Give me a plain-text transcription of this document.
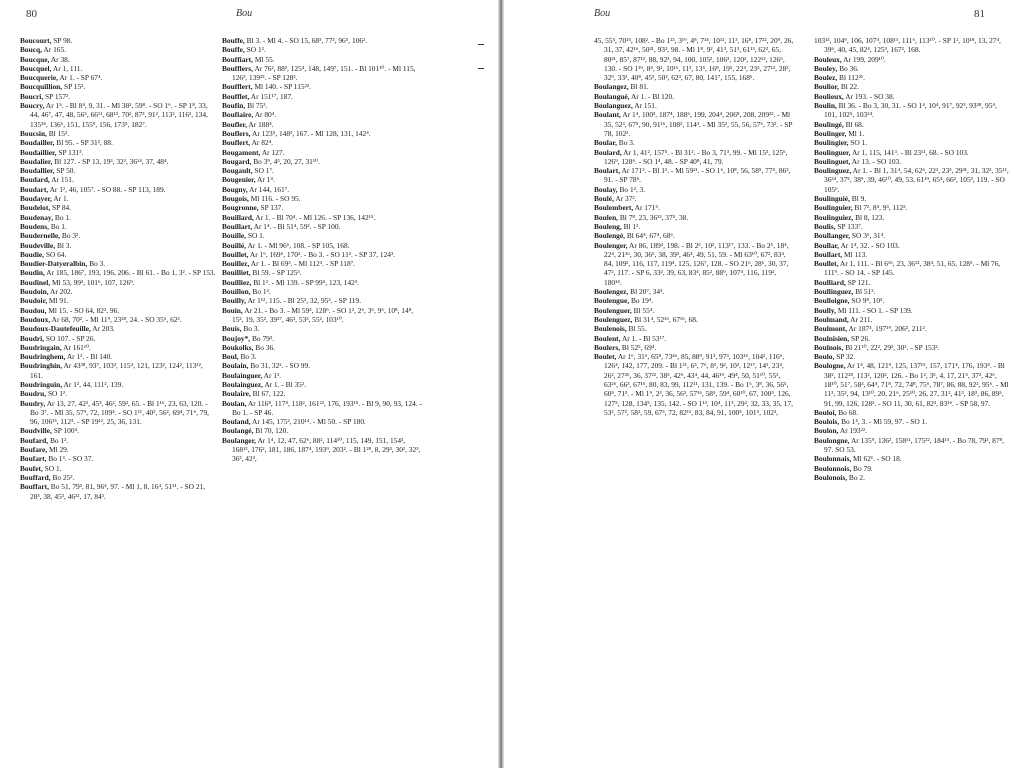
80	Bou

Boucourt, SP 98.

Boucq, Ar 165.

Boucque, Ar 38.

Boucquel, Ar 1, 111.

Boucquerie, Ar 1. - SP 67⁴.

Boucquillion, SP 15².

Boucri, SP 157².

Boucry, Ar 1⁵. - Bl 8⁴, 9, 31. - Ml 38², 59⁸. - SO 1⁶. - SP 1⁸, 33, 44, 46⁷, 47, 48, 56⁵, 66¹¹, 68¹³, 70², 87³, 91², 113², 116³, 134, 135³⁴, 136⁶, 151, 155⁹, 156, 173⁵, 182⁷.

Boucsin, Bl 15².

Boudailler, Bl 95. - SP 31², 88.

Boudaillier, SP 131³.

Boudalier, Bl 127. - SP 13, 19³, 32², 36¹⁴, 37, 48⁴.

Boudallier, SP 50.

Boudard, Ar 151.

Boudart, Ar 1², 46, 105⁷. - SO 88. - SP 113, 189.

Boudayer, Ar 1.

Boudelot, SP 84.

Boudenay, Bo 1.

Boudens, Bo 1.

Boudernelle, Bo 3².

Boudeville, Bl 3.

Boudie, SO 64.

Boudier-Datyeralbin, Bo 3.

Boudin, Ar 185, 186⁷, 193, 196, 206. - Bl 61. - Bo 1, 3². - SP 153.

Boudinel, Ml 53, 99², 101⁶, 107, 126⁹.

Boudoin, Ar 202.

Boudoir, Ml 91.

Boudou, Ml 15. - SO 64, 82², 96.

Boudoux, Ar 68, 70². - Ml 11⁹, 23²⁸, 24. - SO 35⁶, 62².

Boudoux-Dautefeuille, Ar 203.

Boudri, SO 107. - SP 26.

Boudringain, Ar 161¹⁰.

Boudringhem, Ar 1². - Bl 140.

Boudringhin, Ar 43³⁸, 93⁷, 103³, 115⁴, 121, 123², 124², 113¹², 161.

Boudringuin, Ar 1², 44, 111², 139.

Boudru, SO 1².

Boudry, Ar 13, 27, 42², 45³, 46², 59², 65. - Bl 1¹⁶, 23, 63, 120. - Bo 3⁷. - Ml 35, 57⁹, 72, 109⁴. - SO 1¹¹, 40², 56², 69⁴, 71⁶, 79, 96, 106¹³, 112³. - SP 19¹², 25, 36, 131.

Boudville, SP 100⁴.

Boufard, Bo 1².

Boufare, Ml 29.

Boufart, Bo 1³. - SO 37.

Boufet, SO 1.

Bouffard, Bo 25².

Bouffart, Bo 51, 79³, 81, 96⁴, 97. - Ml 1, 8, 16⁴, 51¹¹. - SO 21, 28³, 38, 45³, 46²², 17, 84³.

Bouffe, Bl 3. - Ml 4. - SO 15, 68³, 77³, 96⁵, 106².

Bouffe, SO 1².

Bouffiart, Ml 55.

Boufflers, Ar 76², 88², 125⁴, 148, 149⁷, 151. - Bl 101¹⁰. - Ml 115, 126³, 139²³. - SP 128².

Boufflert, Ml 140. - SP 115²².

Boufflet, Ar 151¹⁷, 187.

Boufin, Bl 75³.

Boufiaire, Ar 80⁴.

Boufler, Ar 188⁴.

Bouflers, Ar 123⁵, 148³, 167. - Ml 128, 131, 142⁴.

Bouflert, Ar 82⁴.

Bougamont, Ar 127.

Bougard, Bo 3⁹, 4³, 20, 27, 31¹⁰.

Bougault, SO 1⁷.

Bougenier, Ar 1⁴.

Bougny, Ar 144, 161⁷.

Bougois, Ml 116. - SO 95.

Bougronne, SP 137.

Bouillard, Ar 1. - Bl 70⁴. - Ml 126. - SP 136, 142¹⁵.

Bouillart, Ar 1⁴. - Bl 51⁴, 59². - SP 100.

Bouille, SO 1.

Bouillé, Ar 1. - Ml 96⁶, 108. - SP 105, 168.

Bouillet, Ar 1⁶, 169⁶, 170². - Bo 3. - SO 11². - SP 37, 124³.

Bouillez, Ar 1. - Bl 69³. - Ml 112³. - SP 118⁷.

Bouilliet, Bl 59. - SP 125³.

Bouilliez, Bl 1². - Ml 139. - SP 99⁵, 123, 142³.

Bouillon, Bo 1².

Bouilly, Ar 1¹², 115. - Bl 25³, 32, 95³. - SP 119.

Bouin, Ar 21. - Bo 3. - Ml 59³, 128⁶. - SO 1², 2⁶, 3⁶, 9⁶, 10⁸, 14⁸, 15², 19, 35², 39²⁷, 46³, 53³, 55², 103¹⁰.

Bouis, Bo 3.

Boujoy*, Bo 79³.

Boukolks, Bo 36.

Boul, Bo 3.

Boulain, Bo 31, 32². - SO 99.

Boulainguer, Ar 1³.

Boulainguez, Ar 1. - Bl 35².

Boulaire, Bl 67, 122.

Boulan, Ar 116⁸, 117⁴, 118², 161²², 176, 193¹⁵. - Bl 9, 90, 93, 124. - Bo 1. - SP 46.

Bouland, Ar 145, 175², 210¹⁴. - Ml 50. - SP 180.

Boulangé, Bl 70, 120.

Boulanger, Ar 1⁴, 12, 47, 62⁶, 88², 114¹⁰, 115, 149, 151, 154³, 168¹³, 176², 181, 186, 187⁴, 193⁹, 203². - Bl 1²⁸, 8, 29³, 30², 32³, 36³, 42³,

Bou	81

45, 55⁵, 70¹⁵, 108². - Bo 1²³, 3¹⁹, 4⁸, 7¹⁴, 10¹², 11³, 16⁸, 17²², 20⁹, 26, 31, 37, 42¹⁶, 50²¹, 93³, 98. - Ml 1⁸, 9², 41³, 51³, 61¹³, 62², 65, 80²¹, 85⁷, 87¹², 88, 92³, 94, 100, 105², 106³, 120², 122¹², 126⁶, 130. - SO 1¹⁹, 8⁴, 9², 10¹⁶, 11³, 13⁵, 16⁸, 19⁵, 22⁴, 23⁵, 27¹², 28³, 32⁹, 33², 40⁸, 45³, 50², 62³, 67, 80, 141⁷, 155, 168⁶.

Boulangez, Bl 81.

Boulangué, Ar 1. - Bl 120.

Boulanguez, Ar 151.

Boulant, Ar 1⁴, 100³, 187⁴, 188⁶, 199, 204⁴, 206⁸, 208, 209²². - Ml 35, 52³, 67⁵, 90, 91¹⁶, 108², 114³. - Ml 35², 55, 56, 57⁶, 73². - SP 78, 102².

Boular, Bo 3.

Boulard, Ar 1, 41², 157⁵. - Bl 31². - Bo 3, 71³, 99. - Ml 15³, 125⁶, 126⁹, 128⁶. - SO 1⁴, 48. - SP 40⁸, 41, 79.

Boulart, Ar 171². - Bl 1². - Ml 59²¹. - SO 1⁶, 10⁸, 56, 58⁵, 77⁵, 86³, 91. - SP 78⁶.

Boulay, Bo 1², 3.

Boulé, Ar 37².

Boulembert, Ar 171⁵.

Boulen, Bl 7⁸, 23, 36¹³, 37⁵, 38.

Bouleng, Bl 1².

Boulengé, Bl 64⁴, 67⁴, 68⁶.

Boulenger, Ar 86, 189³, 198. - Bl 2⁶, 10², 113¹⁷, 133. - Bo 2⁶, 18⁴, 22⁴, 21²⁶, 30, 36⁶, 38, 39³, 46⁴, 49, 51, 59. - Ml 63¹⁰, 67², 83⁴, 84, 109², 116, 117, 119⁴, 125, 126⁷, 128. - SO 21⁶, 28⁶, 30, 37, 47², 117. - SP 6, 33², 39, 63, 83⁴, 85², 88⁹, 107⁴, 116, 119², 180¹⁴.

Boulengez, Bl 20⁷, 34³.

Boulengue, Bo 19⁴.

Boulenguer, Bl 55⁴.

Boulenguez, Bl 31⁴, 52¹⁶, 67¹⁶, 68.

Boulenois, Bl 55.

Boulent, Ar 1. - Bl 53¹⁷.

Boulers, Bl 52⁵, 69⁴.

Boulet, Ar 1⁶, 31⁶, 65⁸, 73⁴⁶, 85, 88⁹, 91², 97³, 103¹⁶, 104², 116⁶, 126⁴, 142, 177, 209. - Bl 1²¹, 6³, 7⁶, 8³, 9², 10², 12¹⁷, 14², 23⁴, 26², 27²⁶, 36, 37²², 38⁵, 42⁶, 43⁴, 44, 46¹⁹, 49⁴, 50, 51¹⁰, 55³, 63²⁶, 66³, 67¹⁶, 80, 83, 99, 112¹¹, 131, 139. - Bo 1⁶, 3⁸, 36, 56⁵, 60⁵, 71³. - Ml 1⁹, 2³, 36, 56³, 57¹⁶, 58⁵, 59⁴, 60¹⁰, 67, 100⁵, 126, 127⁵, 128, 134⁵, 135, 142. - SO 1¹³, 10⁴, 11³, 29², 32, 33, 35, 17, 53², 57², 58², 59, 67³, 72, 82¹¹, 83, 84, 91, 100⁵, 101⁵, 102³,

103¹³, 104⁹, 106, 107⁴, 108¹¹, 111⁶, 113¹⁰. - SP 1², 10¹⁸, 13, 27⁴, 39⁶, 40, 45, 82⁴, 125³, 167², 168.

Bouleux, Ar 199, 209¹⁰.

Bouley, Bo 36.

Boulez, Bl 112²¹.

Boulior, Bl 22.

Boulieux, Ar 193. - SO 38.

Boulin, Bl 36. - Bo 3, 30, 31. - SO 1⁴, 10⁴, 91⁷, 92³, 93³⁸, 95⁴, 101, 102⁵, 103²⁴.

Boulingé, Bl 68.

Boulinger, Ml 1.

Boulingier, SO 1.

Boulinguer, Ar 1, 115, 141³. - Bl 23¹¹, 68. - SO 103.

Boulinguet, Ar 13. - SO 103.

Boulinguez, Ar 1. - Bl 1, 31⁴, 54, 62⁶, 22², 23³, 29³¹, 31, 32², 35¹¹, 36³⁴, 37⁵, 38⁹, 39, 46¹⁰, 49, 53, 61¹⁹, 65⁴, 66², 105³, 119. - SO 105⁶.

Boulinguié, Bl 9.

Boulinguier, Bl 7², 8⁴, 9³, 112².

Boulinguiez, Bl 8, 123.

Boulis, SP 133⁷.

Boullanger, SO 3⁶, 31⁴.

Boullar, Ar 1⁴, 32. - SO 103.

Boullart, Ml 113.

Boullet, Ar 1, 111. - Bl 6¹⁶, 23, 36¹³, 38⁴, 51, 65, 128⁵. - Ml 76, 111⁹. - SO 14. - SP 145.

Boulliard, SP 121.

Boullinguez, Bl 51².

Boulloigne, SO 9⁸, 10⁵.

Boully, Ml 111. - SO 1. - SP 139.

Boulmand, Ar 211.

Boulmont, Ar 187³, 197¹⁹, 206³, 211².

Boulnisien, SP 26.

Boulnois, Bl 21¹⁰, 22², 29³, 30³. - SP 153².

Boulo, SP 32.

Boulogne, Ar 1⁴, 48, 121⁹, 125, 137¹⁵, 157, 171⁴, 176, 193⁴. - Bl 38², 112²⁸, 113², 120², 126. - Bo 1², 3⁵, 4, 17, 21⁵, 37², 42⁶, 18¹⁰, 51⁷, 58³, 64⁴, 71⁸, 72, 74⁸, 75⁶, 78⁷, 86, 88, 92², 95⁶. - Ml 11³, 35³, 94, 13¹⁰, 20, 21⁶, 25¹⁰, 26, 27, 31², 41³, 18³, 86, 89⁵, 91, 99, 126, 128². - SO 11, 30, 61, 82³, 83¹⁶. - SP 58, 97.

Bouloi, Bo 68.

Boulois, Bo 1⁴, 3. - Ml 59, 97. - SO 1.

Boulon, Ar 193²².

Boulongne, Ar 135⁹, 136², 158¹¹, 175²², 184¹⁵. - Bo 78, 79³, 87⁸, 97. SO 53.

Boulonnais, Ml 62¹. - SO 18.

Boulonnois, Bo 79.

Boulonois, Bo 2.
